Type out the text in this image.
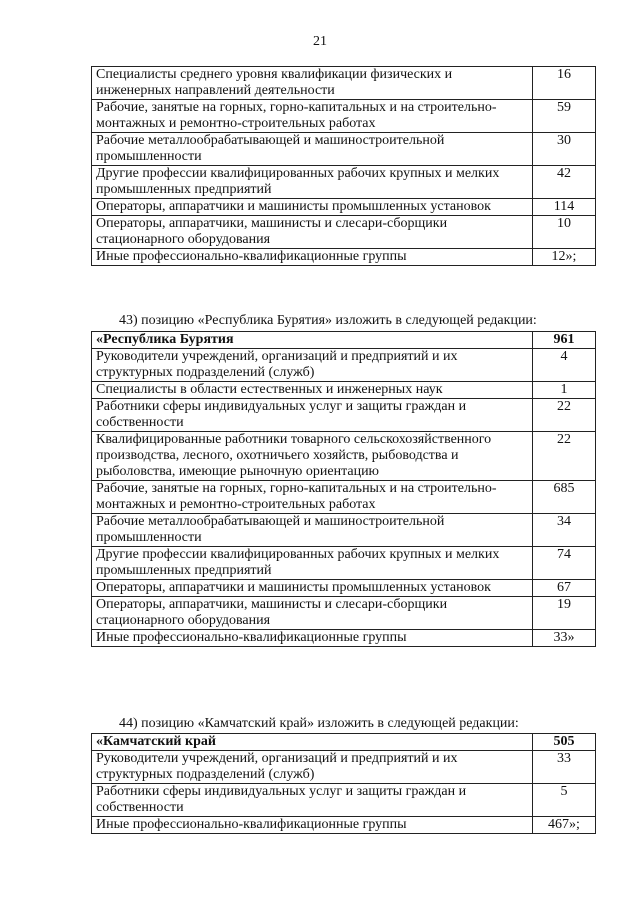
21
Специалисты среднего уровня квалификации физических и инженерных направлений деятельности	16
Рабочие, занятые на горных, горно-капитальных и на строительно-монтажных и ремонтно-строительных работах	59
Рабочие металлообрабатывающей и машиностроительной промышленности	30
Другие профессии квалифицированных рабочих крупных и мелких промышленных предприятий	42
Операторы, аппаратчики и машинисты промышленных установок	114
Операторы, аппаратчики, машинисты и слесари-сборщики стационарного оборудования	10
Иные профессионально-квалификационные группы	12»;
43) позицию «Республика Бурятия» изложить в следующей редакции:
«Республика Бурятия	961
Руководители учреждений, организаций и предприятий и их структурных подразделений (служб)	4
Специалисты в области естественных и инженерных наук	1
Работники сферы индивидуальных услуг и защиты граждан и собственности	22
Квалифицированные работники товарного сельскохозяйственного производства, лесного, охотничьего хозяйств, рыбоводства и рыболовства, имеющие рыночную ориентацию	22
Рабочие, занятые на горных, горно-капитальных и на строительно-монтажных и ремонтно-строительных работах	685
Рабочие металлообрабатывающей и машиностроительной промышленности	34
Другие профессии квалифицированных рабочих крупных и мелких промышленных предприятий	74
Операторы, аппаратчики и машинисты промышленных установок	67
Операторы, аппаратчики, машинисты и слесари-сборщики стационарного оборудования	19
Иные профессионально-квалификационные группы	33»
44) позицию «Камчатский край» изложить в следующей редакции:
«Камчатский край	505
Руководители учреждений, организаций и предприятий и их структурных подразделений (служб)	33
Работники сферы индивидуальных услуг и защиты граждан и собственности	5
Иные профессионально-квалификационные группы	467»;
